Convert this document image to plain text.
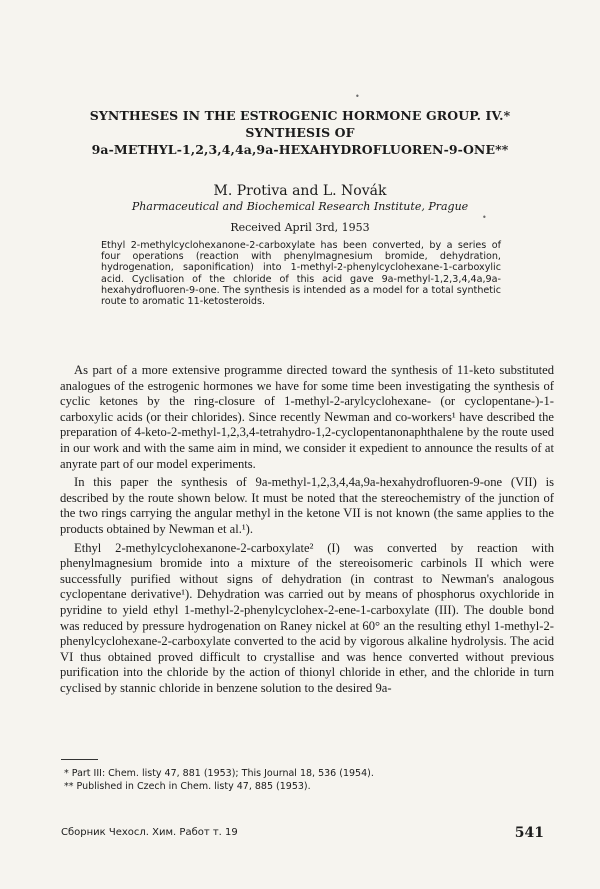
•
•
SYNTHESES IN THE ESTROGENIC HORMONE GROUP. IV.*
SYNTHESIS OF
9a-METHYL-1,2,3,4,4a,9a-HEXAHYDROFLUOREN-9-ONE**
M. Protiva and L. Novák
Pharmaceutical and Biochemical Research Institute, Prague
Received April 3rd, 1953
Ethyl 2-methylcyclohexanone-2-carboxylate has been converted, by a series of four operations (reaction with phenylmagnesium bromide, dehydration, hydrogenation, saponification) into 1-methyl-2-phenylcyclohexane-1-carboxylic acid. Cyclisation of the chloride of this acid gave 9a-methyl-1,2,3,4,4a,9a-hexahydrofluoren-9-one. The synthesis is intended as a model for a total synthetic route to aromatic 11-ketosteroids.

As part of a more extensive programme directed toward the synthesis of 11-keto substituted analogues of the estrogenic hormones we have for some time been investigating the synthesis of cyclic ketones by the ring-closure of 1-methyl-2-arylcyclohexane- (or cyclopentane-)-1-carboxylic acids (or their chlorides). Since recently Newman and co-workers¹ have described the preparation of 4-keto-2-methyl-1,2,3,4-tetrahydro-1,2-cyclopentanonaphthalene by the route used in our work and with the same aim in mind, we consider it expedient to announce the results of at anyrate part of our model experiments.

In this paper the synthesis of 9a-methyl-1,2,3,4,4a,9a-hexahydrofluoren-9-one (VII) is described by the route shown below. It must be noted that the stereochemistry of the junction of the two rings carrying the angular methyl in the ketone VII is not known (the same applies to the products obtained by Newman et al.¹).

Ethyl 2-methylcyclohexanone-2-carboxylate² (I) was converted by reaction with phenylmagnesium bromide into a mixture of the stereoisomeric carbinols II which were successfully purified without signs of dehydration (in contrast to Newman's analogous cyclopentane derivative¹). Dehydration was carried out by means of phosphorus oxychloride in pyridine to yield ethyl 1-methyl-2-phenylcyclohex-2-ene-1-carboxylate (III). The double bond was reduced by pressure hydrogenation on Raney nickel at 60° an the resulting ethyl 1-methyl-2-phenylcyclohexane-2-carboxylate converted to the acid by vigorous alkaline hydrolysis. The acid VI thus obtained proved difficult to crystallise and was hence converted without previous purification into the chloride by the action of thionyl chloride in ether, and the chloride in turn cyclised by stannic chloride in benzene solution to the desired 9a-

* Part III: Chem. listy 47, 881 (1953); This Journal 18, 536 (1954).
** Published in Czech in Chem. listy 47, 885 (1953).
Сборник Чехосл. Хим. Работ т. 19	541
